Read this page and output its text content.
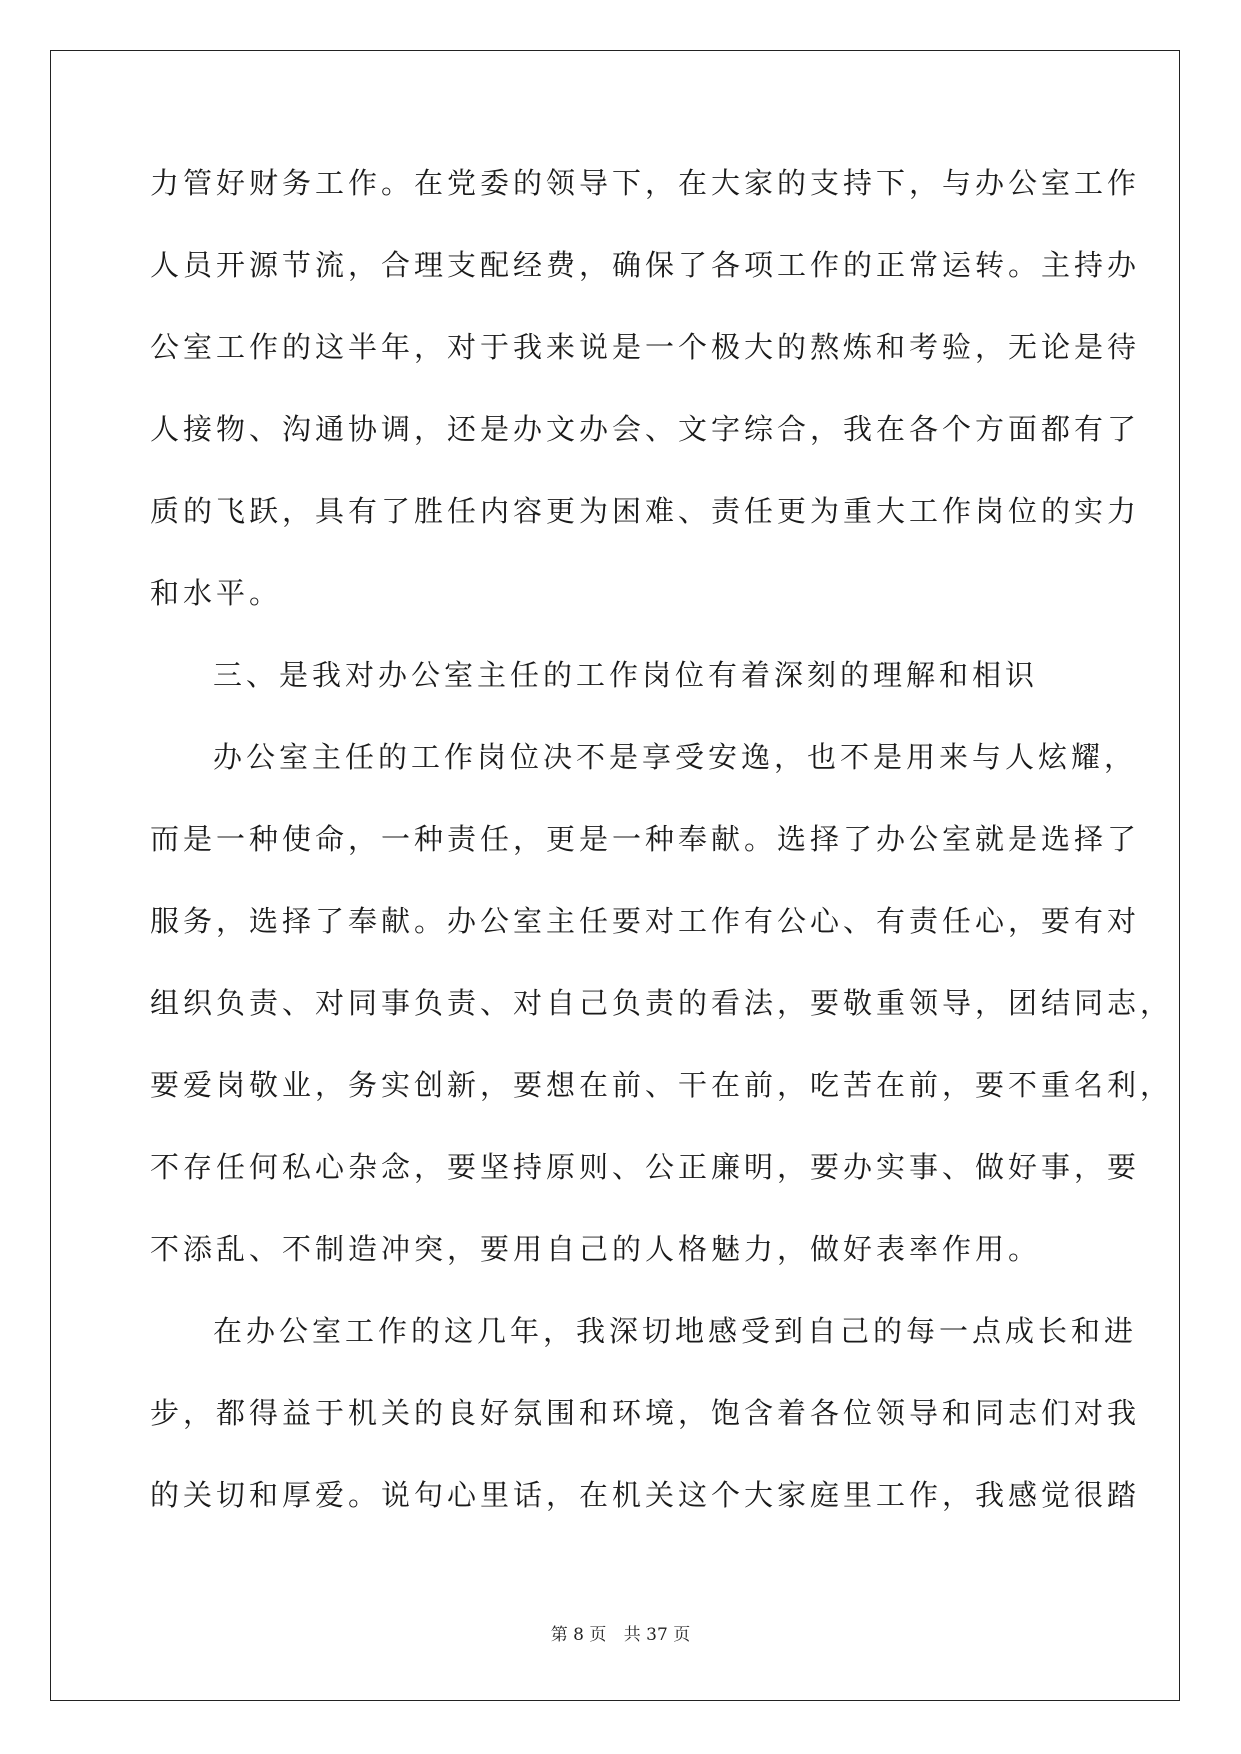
力管好财务工作。在党委的领导下，在大家的支持下，与办公室工作
人员开源节流，合理支配经费，确保了各项工作的正常运转。主持办
公室工作的这半年，对于我来说是一个极大的熬炼和考验，无论是待
人接物、沟通协调，还是办文办会、文字综合，我在各个方面都有了
质的飞跃，具有了胜任内容更为困难、责任更为重大工作岗位的实力
和水平。
三、是我对办公室主任的工作岗位有着深刻的理解和相识
办公室主任的工作岗位决不是享受安逸，也不是用来与人炫耀，
而是一种使命，一种责任，更是一种奉献。选择了办公室就是选择了
服务，选择了奉献。办公室主任要对工作有公心、有责任心，要有对
组织负责、对同事负责、对自己负责的看法，要敬重领导，团结同志，
要爱岗敬业，务实创新，要想在前、干在前，吃苦在前，要不重名利，
不存任何私心杂念，要坚持原则、公正廉明，要办实事、做好事，要
不添乱、不制造冲突，要用自己的人格魅力，做好表率作用。
在办公室工作的这几年，我深切地感受到自己的每一点成长和进
步，都得益于机关的良好氛围和环境，饱含着各位领导和同志们对我
的关切和厚爱。说句心里话，在机关这个大家庭里工作，我感觉很踏
第 8 页 共 37 页
